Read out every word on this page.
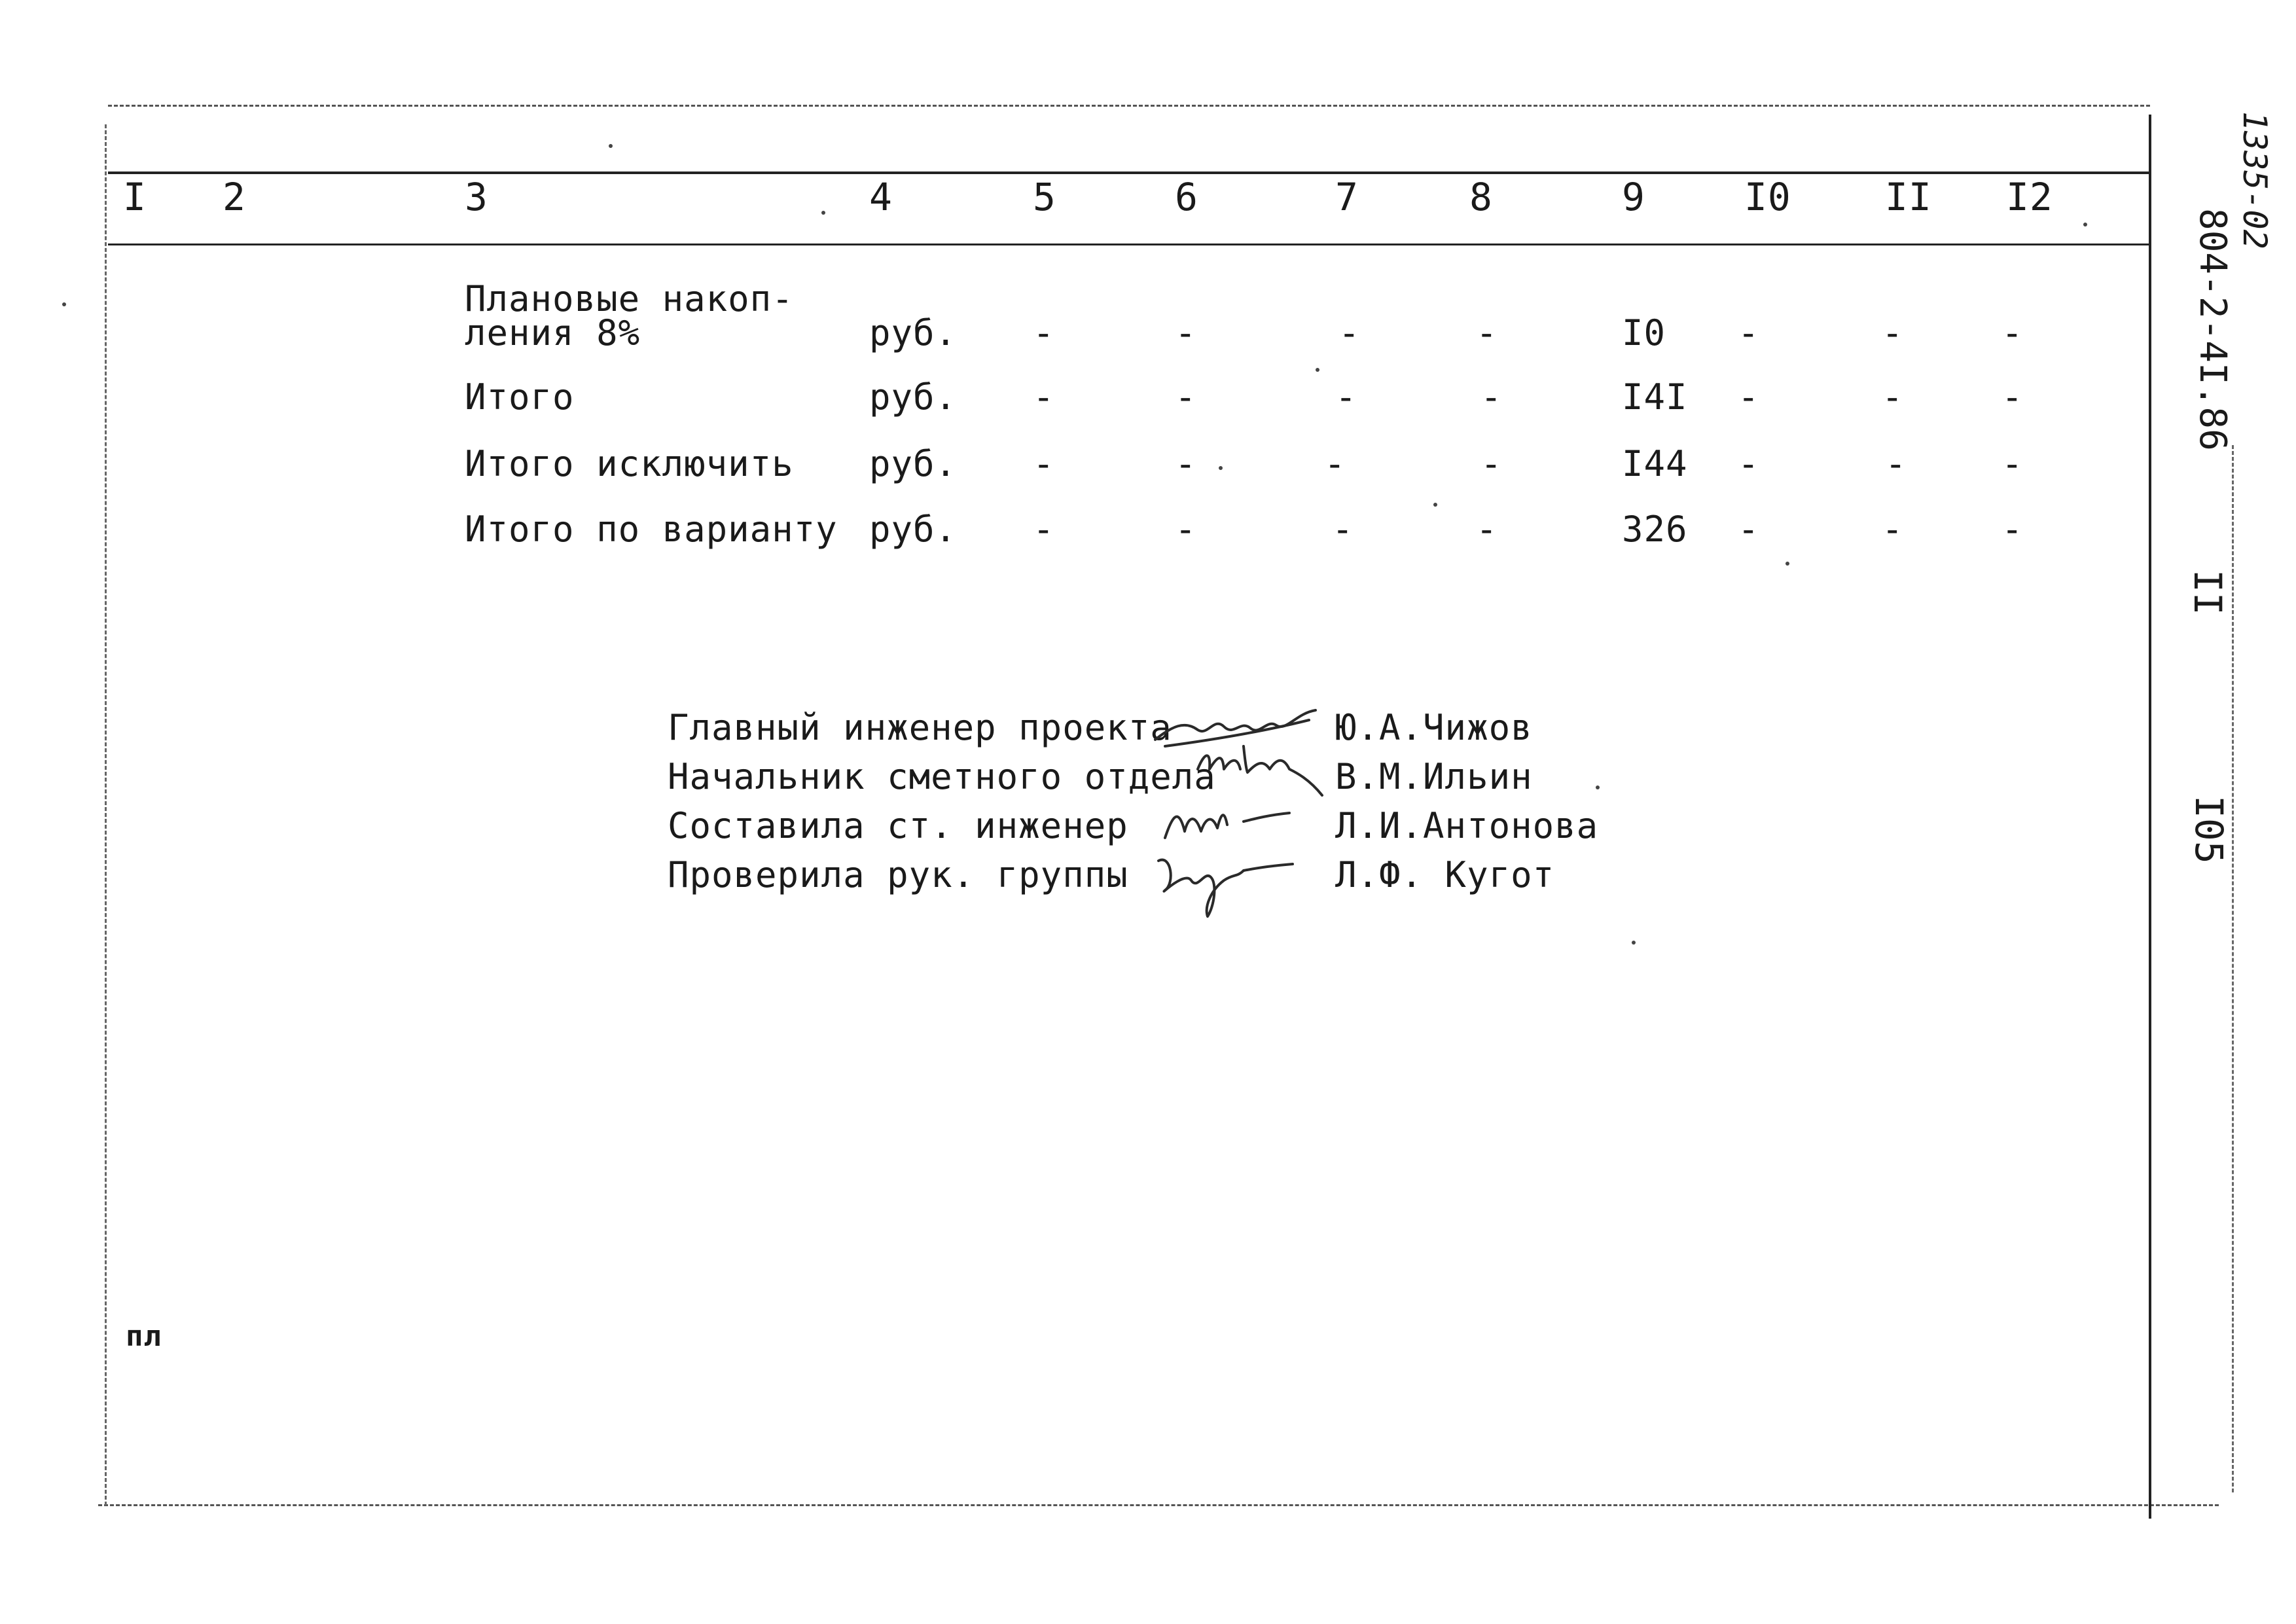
I 2	3	4	5	6	7	8	9	I0 II I2
Плановые накоп-
ления 8%	руб. -	-	-	-	I0 -	-	-
Итого	руб. -	-	-	-	I4I -	-	-
Итого исключить руб. -	-	-	-	I44 -	-	-
Итого по варианту руб. -	-	-	-	326 -	-	-
Главный инженер проекта
Начальник сметного отдела
Составила ст. инженер
Проверила рук. группы
Ю.А.Чижов
В.М.Ильин
Л.И.Антонова
Л.Ф. Кугот
пл
1335-02
804-2-4I.86
II
I05
